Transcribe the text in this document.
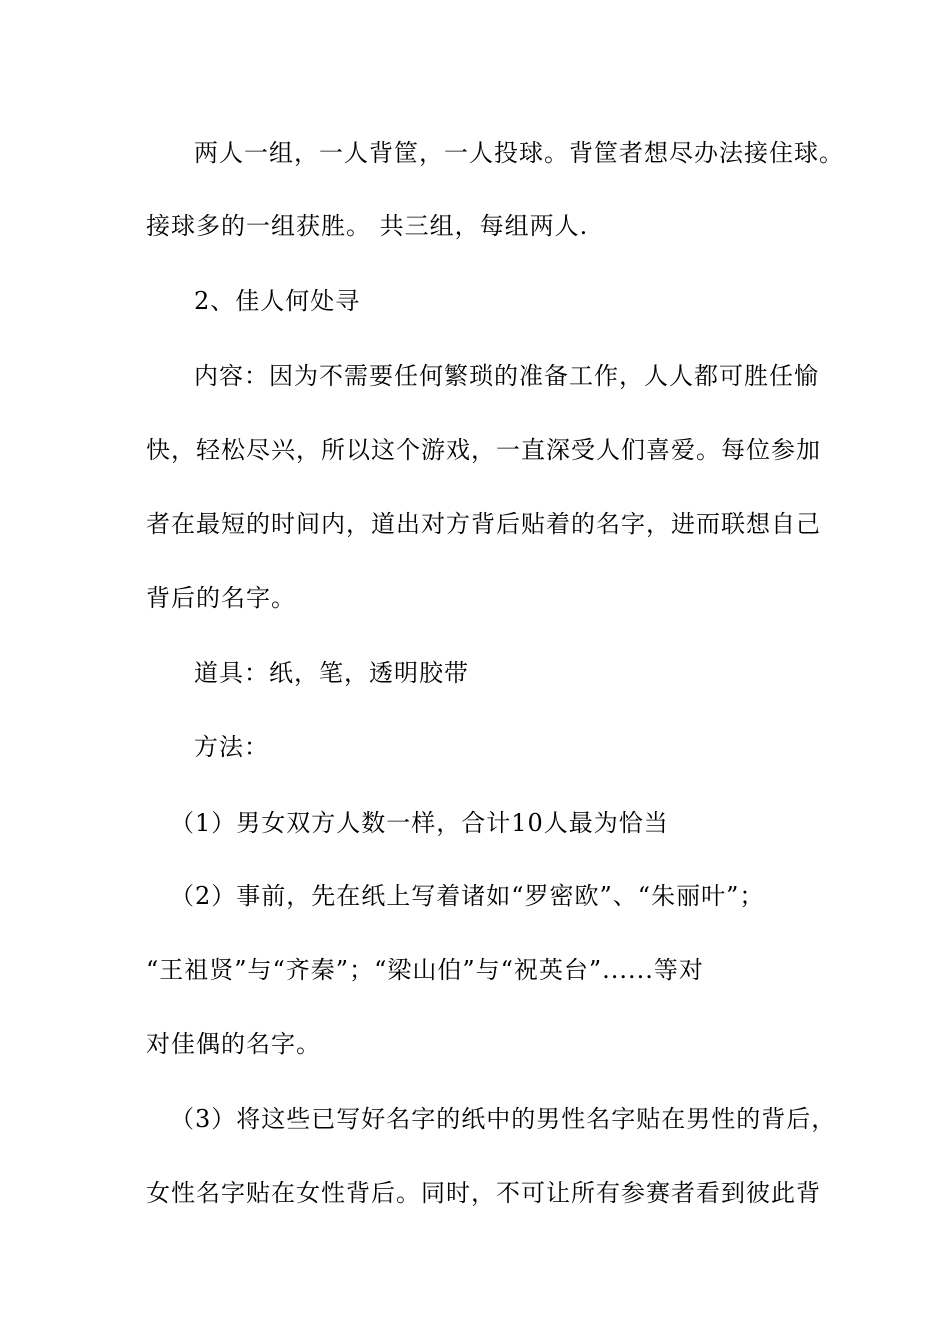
两人一组，一人背筐，一人投球。背筐者想尽办法接住球。
接球多的一组获胜。 共三组，每组两人.
2、佳人何处寻
内容：因为不需要任何繁琐的准备工作，人人都可胜任愉
快，轻松尽兴，所以这个游戏，一直深受人们喜爱。每位参加
者在最短的时间内，道出对方背后贴着的名字，进而联想自己
背后的名字。
道具：纸，笔，透明胶带
方法：
（1）男女双方人数一样，合计10人最为恰当
（2）事前，先在纸上写着诸如“罗密欧”、“朱丽叶”；
“王祖贤”与“齐秦”；“梁山伯”与“祝英台”......等对
对佳偶的名字。
（3）将这些已写好名字的纸中的男性名字贴在男性的背后，
女性名字贴在女性背后。同时，不可让所有参赛者看到彼此背
